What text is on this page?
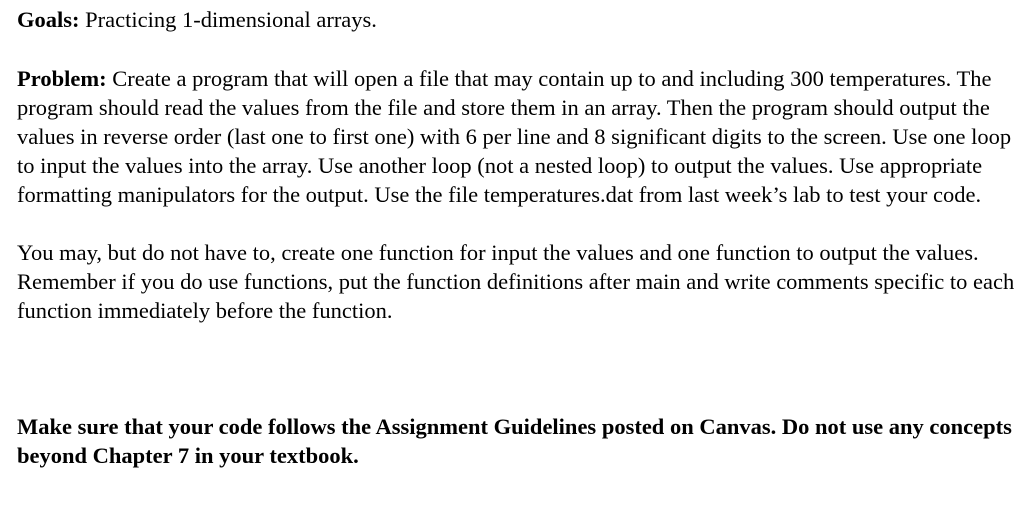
Goals: Practicing 1-dimensional arrays.

Problem: Create a program that will open a file that may contain up to and including 300 temperatures. The program should read the values from the file and store them in an array. Then the program should output the values in reverse order (last one to first one) with 6 per line and 8 significant digits to the screen. Use one loop to input the values into the array. Use another loop (not a nested loop) to output the values. Use appropriate formatting manipulators for the output. Use the file temperatures.dat from last week’s lab to test your code.

You may, but do not have to, create one function for input the values and one function to output the values. Remember if you do use functions, put the function definitions after main and write comments specific to each function immediately before the function.

Make sure that your code follows the Assignment Guidelines posted on Canvas. Do not use any concepts beyond Chapter 7 in your textbook.
